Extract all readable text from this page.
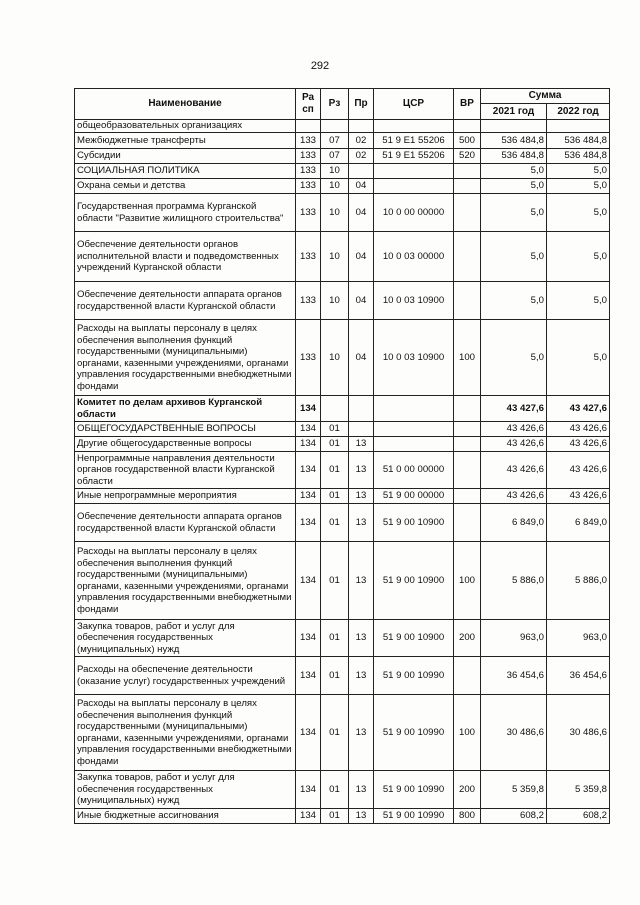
292
Наименование	Ра сп	Рз	Пр	ЦСР	ВР	Сумма	
						2021 год	2022 год
общеобразовательных организациях							
Межбюджетные трансферты	133	07	02	51 9 Е1 55206	500	536 484,8	536 484,8
Субсидии	133	07	02	51 9 Е1 55206	520	536 484,8	536 484,8
СОЦИАЛЬНАЯ ПОЛИТИКА	133	10				5,0	5,0
Охрана семьи и детства	133	10	04			5,0	5,0
Государственная программа Курганской области "Развитие жилищного строительства"	133	10	04	10 0 00 00000		5,0	5,0
Обеспечение деятельности органов исполнительной власти и подведомственных учреждений Курганской области	133	10	04	10 0 03 00000		5,0	5,0
Обеспечение деятельности аппарата органов государственной власти Курганской области	133	10	04	10 0 03 10900		5,0	5,0
Расходы на выплаты персоналу в целях обеспечения выполнения функций государственными (муниципальными) органами, казенными учреждениями, органами управления государственными внебюджетными фондами	133	10	04	10 0 03 10900	100	5,0	5,0
Комитет по делам архивов Курганской области	134					43 427,6	43 427,6
ОБЩЕГОСУДАРСТВЕННЫЕ ВОПРОСЫ	134	01				43 426,6	43 426,6
Другие общегосударственные вопросы	134	01	13			43 426,6	43 426,6
Непрограммные направления деятельности органов государственной власти Курганской области	134	01	13	51 0 00 00000		43 426,6	43 426,6
Иные непрограммные мероприятия	134	01	13	51 9 00 00000		43 426,6	43 426,6
Обеспечение деятельности аппарата органов государственной власти Курганской области	134	01	13	51 9 00 10900		6 849,0	6 849,0
Расходы на выплаты персоналу в целях обеспечения выполнения функций государственными (муниципальными) органами, казенными учреждениями, органами управления государственными внебюджетными фондами	134	01	13	51 9 00 10900	100	5 886,0	5 886,0
Закупка товаров, работ и услуг для обеспечения государственных (муниципальных) нужд	134	01	13	51 9 00 10900	200	963,0	963,0
Расходы на обеспечение деятельности (оказание услуг) государственных учреждений	134	01	13	51 9 00 10990		36 454,6	36 454,6
Расходы на выплаты персоналу в целях обеспечения выполнения функций государственными (муниципальными) органами, казенными учреждениями, органами управления государственными внебюджетными фондами	134	01	13	51 9 00 10990	100	30 486,6	30 486,6
Закупка товаров, работ и услуг для обеспечения государственных (муниципальных) нужд	134	01	13	51 9 00 10990	200	5 359,8	5 359,8
Иные бюджетные ассигнования	134	01	13	51 9 00 10990	800	608,2	608,2
